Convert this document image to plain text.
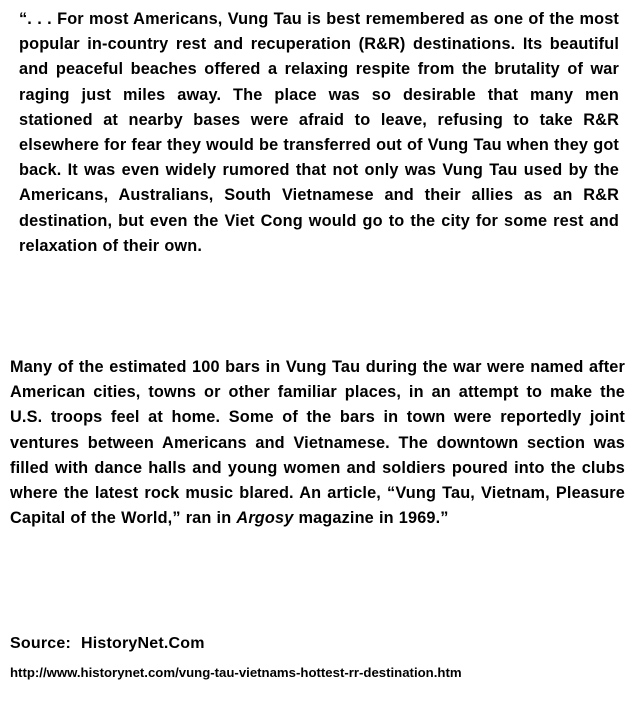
“. . . For most Americans, Vung Tau is best remembered as one of the most popular in-country rest and recuperation (R&R) destinations. Its beautiful and peaceful beaches offered a relaxing respite from the brutality of war raging just miles away. The place was so desirable that many men stationed at nearby bases were afraid to leave, refusing to take R&R elsewhere for fear they would be transferred out of Vung Tau when they got back. It was even widely rumored that not only was Vung Tau used by the Americans, Australians, South Vietnamese and their allies as an R&R destination, but even the Viet Cong would go to the city for some rest and relaxation of their own.

Many of the estimated 100 bars in Vung Tau during the war were named after American cities, towns or other familiar places, in an attempt to make the U.S. troops feel at home. Some of the bars in town were reportedly joint ventures between Americans and Vietnamese. The downtown section was filled with dance halls and young women and soldiers poured into the clubs where the latest rock music blared. An article, “Vung Tau, Vietnam, Pleasure Capital of the World,” ran in Argosy magazine in 1969.”

Source: HistoryNet.Com
http://www.historynet.com/vung-tau-vietnams-hottest-rr-destination.htm
